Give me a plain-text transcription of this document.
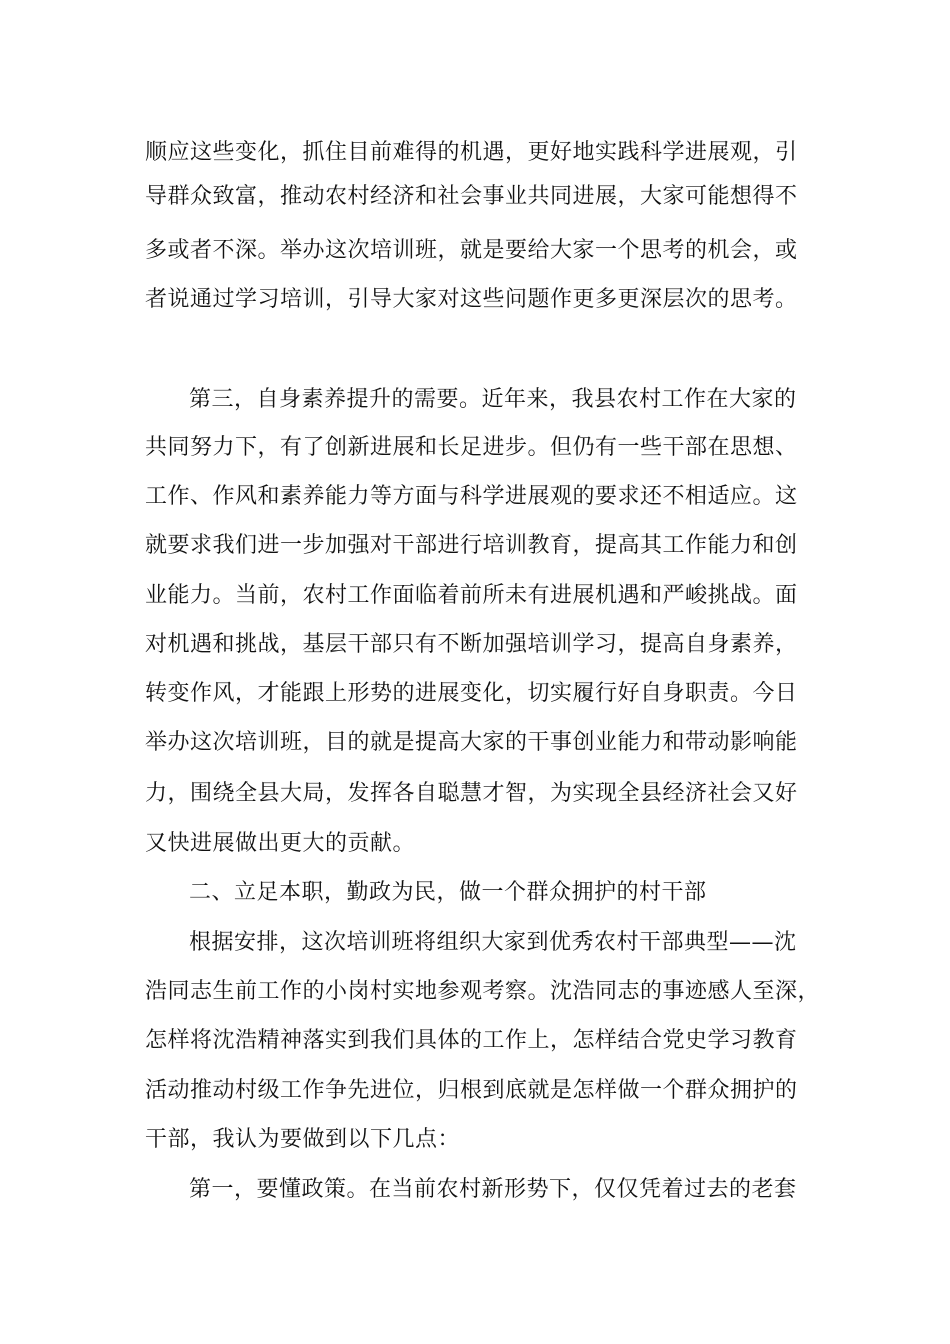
顺应这些变化，抓住目前难得的机遇，更好地实践科学进展观，引
导群众致富，推动农村经济和社会事业共同进展，大家可能想得不
多或者不深。举办这次培训班，就是要给大家一个思考的机会，或
者说通过学习培训，引导大家对这些问题作更多更深层次的思考。
第三，自身素养提升的需要。近年来，我县农村工作在大家的
共同努力下，有了创新进展和长足进步。但仍有一些干部在思想、
工作、作风和素养能力等方面与科学进展观的要求还不相适应。这
就要求我们进一步加强对干部进行培训教育，提高其工作能力和创
业能力。当前，农村工作面临着前所未有进展机遇和严峻挑战。面
对机遇和挑战，基层干部只有不断加强培训学习，提高自身素养，
转变作风，才能跟上形势的进展变化，切实履行好自身职责。今日
举办这次培训班，目的就是提高大家的干事创业能力和带动影响能
力，围绕全县大局，发挥各自聪慧才智，为实现全县经济社会又好
又快进展做出更大的贡献。
二、立足本职，勤政为民，做一个群众拥护的村干部
根据安排，这次培训班将组织大家到优秀农村干部典型——沈
浩同志生前工作的小岗村实地参观考察。沈浩同志的事迹感人至深，
怎样将沈浩精神落实到我们具体的工作上，怎样结合党史学习教育
活动推动村级工作争先进位，归根到底就是怎样做一个群众拥护的
干部，我认为要做到以下几点：
第一，要懂政策。在当前农村新形势下，仅仅凭着过去的老套
